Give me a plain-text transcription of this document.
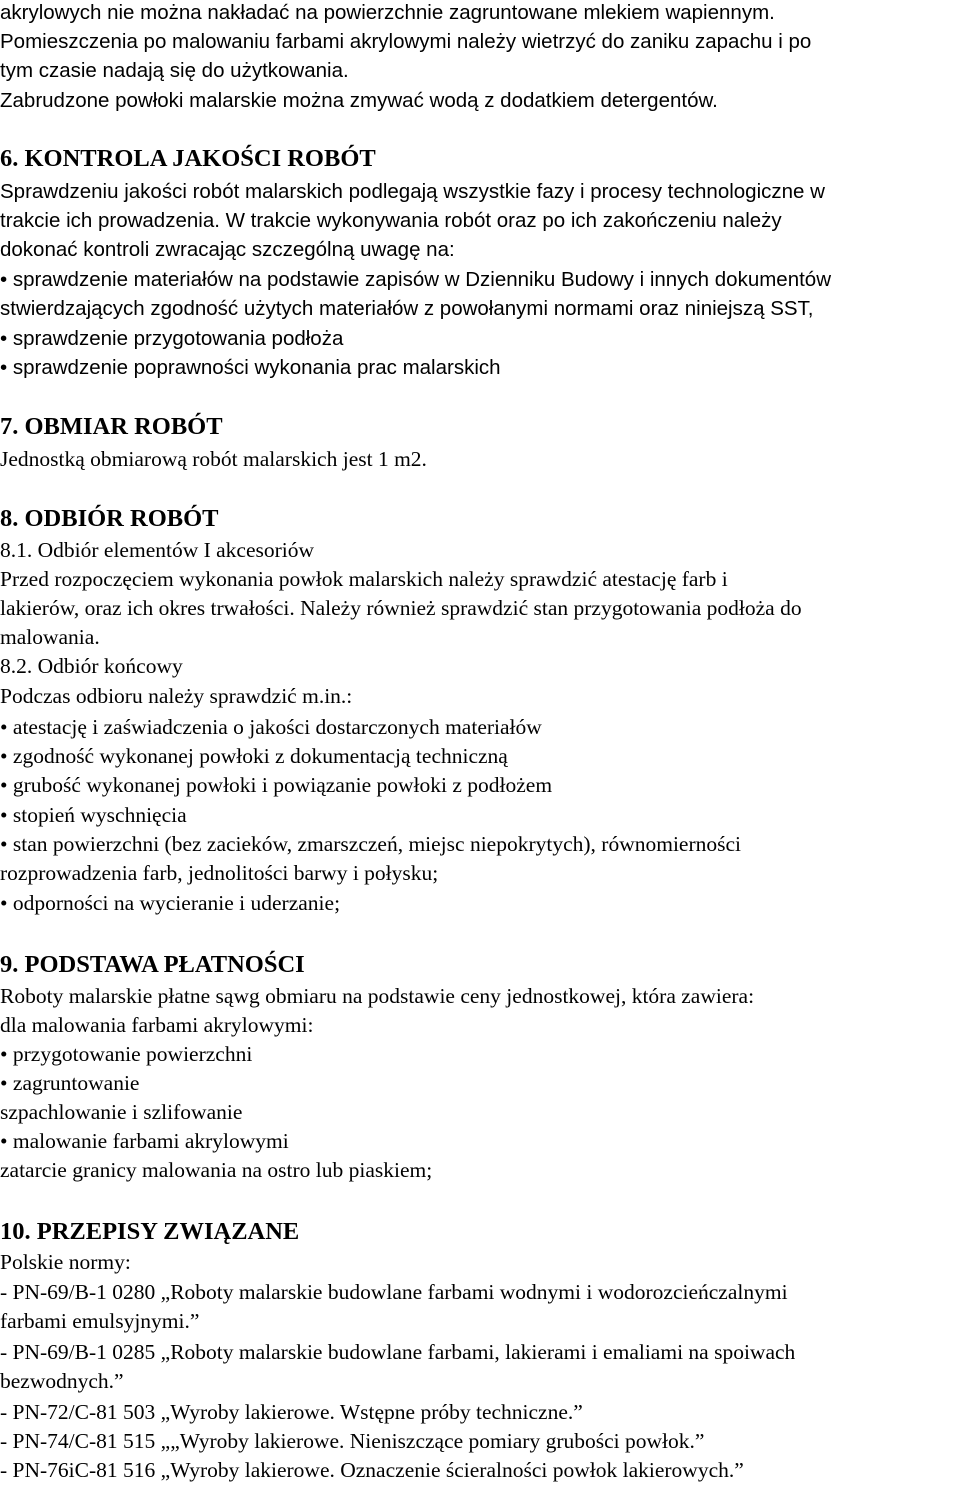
akrylowych nie można nakładać na powierzchnie zagruntowane mlekiem wapiennym.
Pomieszczenia po malowaniu farbami akrylowymi należy wietrzyć do zaniku zapachu i po
tym czasie nadają się do użytkowania.
Zabrudzone powłoki malarskie można zmywać wodą z dodatkiem detergentów.
6. KONTROLA JAKOŚCI ROBÓT
Sprawdzeniu jakości robót malarskich podlegają wszystkie fazy i procesy technologiczne w
trakcie ich prowadzenia. W trakcie wykonywania robót oraz po ich zakończeniu należy
dokonać kontroli zwracając szczególną uwagę na:
• sprawdzenie materiałów na podstawie zapisów w Dzienniku Budowy i innych dokumentów
stwierdzających zgodność użytych materiałów z powołanymi normami oraz niniejszą SST,
• sprawdzenie przygotowania podłoża
• sprawdzenie poprawności wykonania prac malarskich
7. OBMIAR ROBÓT
Jednostką obmiarową robót malarskich jest 1 m2.
8. ODBIÓR ROBÓT
8.1. Odbiór elementów I akcesoriów
Przed rozpoczęciem wykonania powłok malarskich należy sprawdzić atestację farb i
lakierów, oraz ich okres trwałości. Należy również sprawdzić stan przygotowania podłoża do
malowania.
8.2. Odbiór końcowy
Podczas odbioru należy sprawdzić m.in.:
• atestację i zaświadczenia o jakości dostarczonych materiałów
• zgodność wykonanej powłoki z dokumentacją techniczną
• grubość wykonanej powłoki i powiązanie powłoki z podłożem
• stopień wyschnięcia
• stan powierzchni (bez zacieków, zmarszczeń, miejsc niepokrytych), równomierności
rozprowadzenia farb, jednolitości barwy i połysku;
• odporności na wycieranie i uderzanie;
9. PODSTAWA PŁATNOŚCI
Roboty malarskie płatne sąwg obmiaru na podstawie ceny jednostkowej, która zawiera:
dla malowania farbami akrylowymi:
• przygotowanie powierzchni
• zagruntowanie
szpachlowanie i szlifowanie
• malowanie farbami akrylowymi
zatarcie granicy malowania na ostro lub piaskiem;
10. PRZEPISY ZWIĄZANE
Polskie normy:
- PN-69/B-1 0280 „Roboty malarskie budowlane farbami wodnymi i wodorozcieńczalnymi
farbami emulsyjnymi.”
- PN-69/B-1 0285 „Roboty malarskie budowlane farbami, lakierami i emaliami na spoiwach
bezwodnych.”
- PN-72/C-81 503 „Wyroby lakierowe. Wstępne próby techniczne.”
- PN-74/C-81 515 „„Wyroby lakierowe. Nieniszczące pomiary grubości powłok.”
- PN-76iC-81 516 „Wyroby lakierowe. Oznaczenie ścieralności powłok lakierowych.”
